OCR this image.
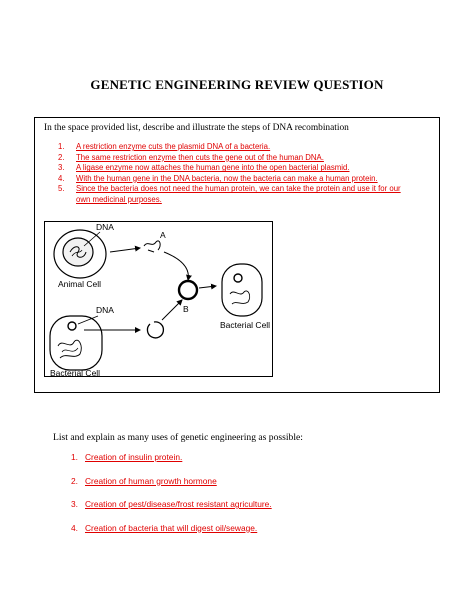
GENETIC ENGINEERING REVIEW QUESTION
In the space provided list, describe and illustrate the steps of DNA recombination
1. A restriction enzyme cuts the plasmid DNA of a bacteria.
2. The same restriction enzyme then cuts the gene out of the human DNA.
3. A ligase enzyme now attaches the human gene into the open bacterial plasmid.
4. With the human gene in the DNA bacteria, now the bacteria can make a human protein.
5. Since the bacteria does not need the human protein, we can take the protein and use it for our own medicinal purposes.
DNA
Animal Cell
A
B
Bacterial Cell
DNA
Bacterial Cell
List and explain as many uses of genetic engineering as possible:
1. Creation of insulin protein.
2. Creation of human growth hormone
3. Creation of pest/disease/frost resistant agriculture.
4. Creation of bacteria that will digest oil/sewage.
